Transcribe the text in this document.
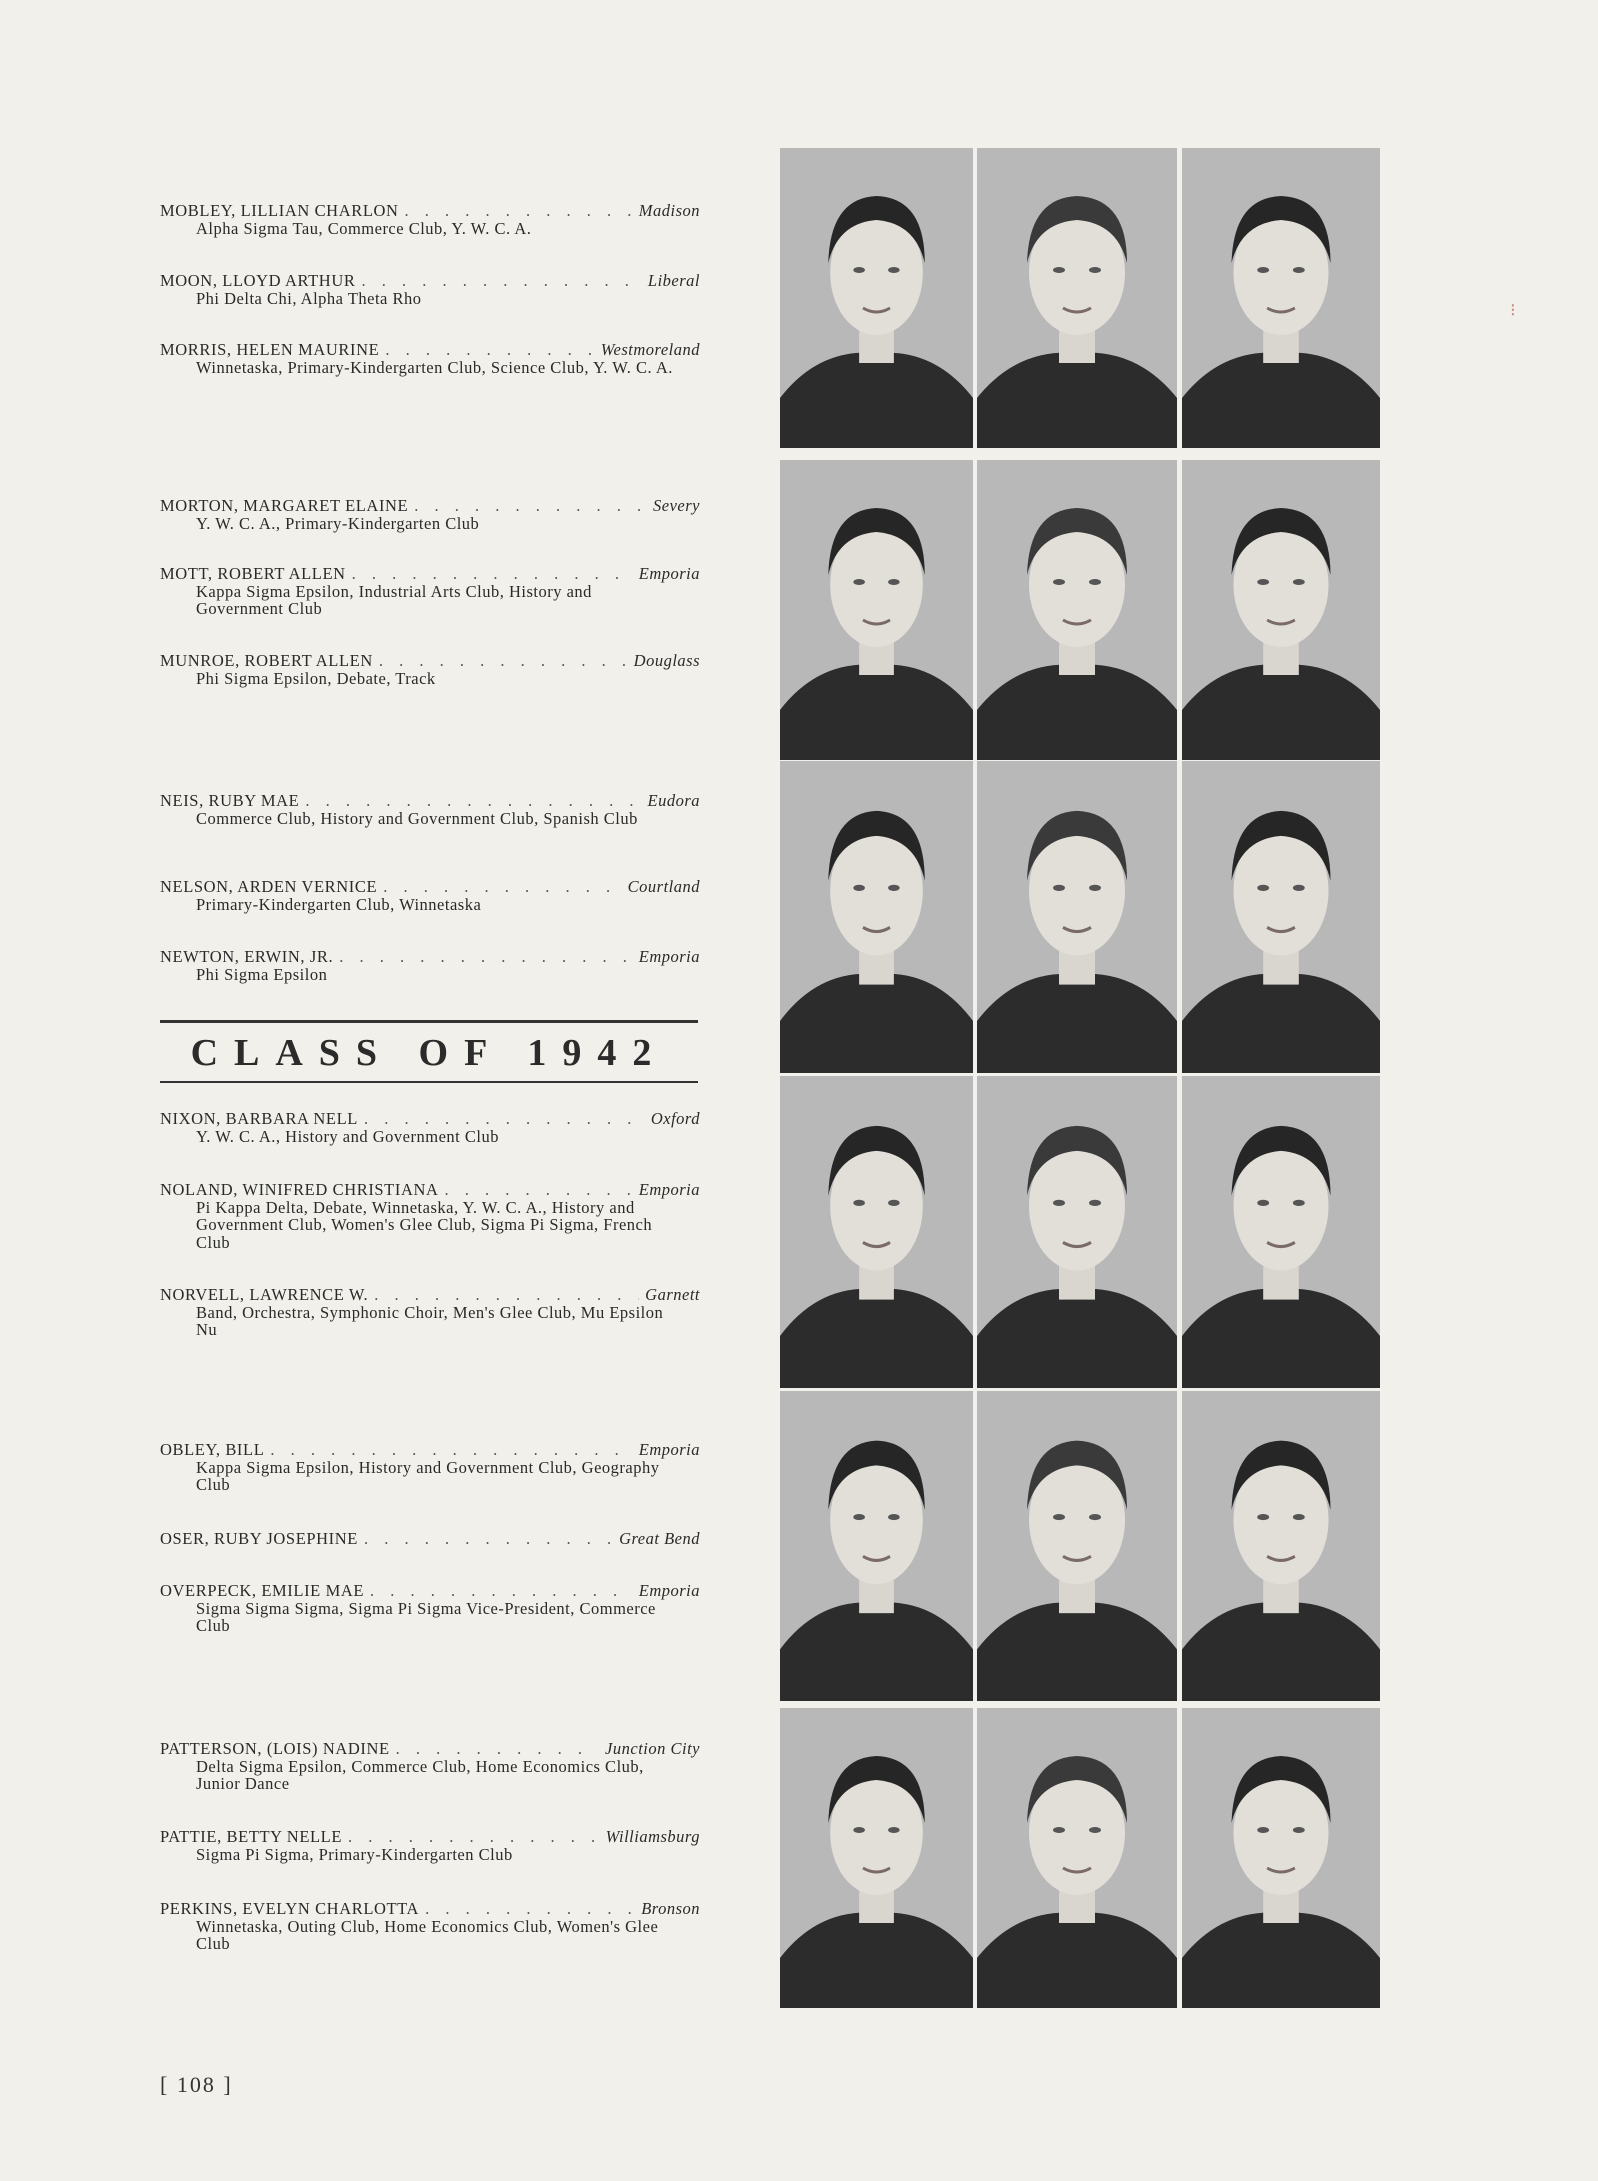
MOBLEY, LILLIAN CHARLON . . .	Madison
Alpha Sigma Tau, Commerce Club, Y. W. C. A.
MOON, LLOYD ARTHUR . . .	Liberal
Phi Delta Chi, Alpha Theta Rho
MORRIS, HELEN MAURINE . . .	Westmoreland
Winnetaska, Primary-Kindergarten Club, Science Club, Y. W. C. A.
MORTON, MARGARET ELAINE . . .	Severy
Y. W. C. A., Primary-Kindergarten Club
MOTT, ROBERT ALLEN . . .	Emporia
Kappa Sigma Epsilon, Industrial Arts Club, History and Government Club
MUNROE, ROBERT ALLEN . . .	Douglass
Phi Sigma Epsilon, Debate, Track
NEIS, RUBY MAE . . .	Eudora
Commerce Club, History and Government Club, Spanish Club
NELSON, ARDEN VERNICE . . .	Courtland
Primary-Kindergarten Club, Winnetaska
NEWTON, ERWIN, JR. . . .	Emporia
Phi Sigma Epsilon
NIXON, BARBARA NELL . . .	Oxford
Y. W. C. A., History and Government Club
NOLAND, WINIFRED CHRISTIANA . . .	Emporia
Pi Kappa Delta, Debate, Winnetaska, Y. W. C. A., History and Government Club, Women's Glee Club, Sigma Pi Sigma, French Club
NORVELL, LAWRENCE W. . . .	Garnett
Band, Orchestra, Symphonic Choir, Men's Glee Club, Mu Epsilon Nu
OBLEY, BILL . . .	Emporia
Kappa Sigma Epsilon, History and Government Club, Geography Club
OSER, RUBY JOSEPHINE . . .	Great Bend
OVERPECK, EMILIE MAE . . .	Emporia
Sigma Sigma Sigma, Sigma Pi Sigma Vice-President, Commerce Club
PATTERSON, (LOIS) NADINE . . .	Junction City
Delta Sigma Epsilon, Commerce Club, Home Economics Club, Junior Dance
PATTIE, BETTY NELLE . . .	Williamsburg
Sigma Pi Sigma, Primary-Kindergarten Club
PERKINS, EVELYN CHARLOTTA . . .	Bronson
Winnetaska, Outing Club, Home Economics Club, Women's Glee Club
CLASS OF 1942
[ 108 ]
⁝
